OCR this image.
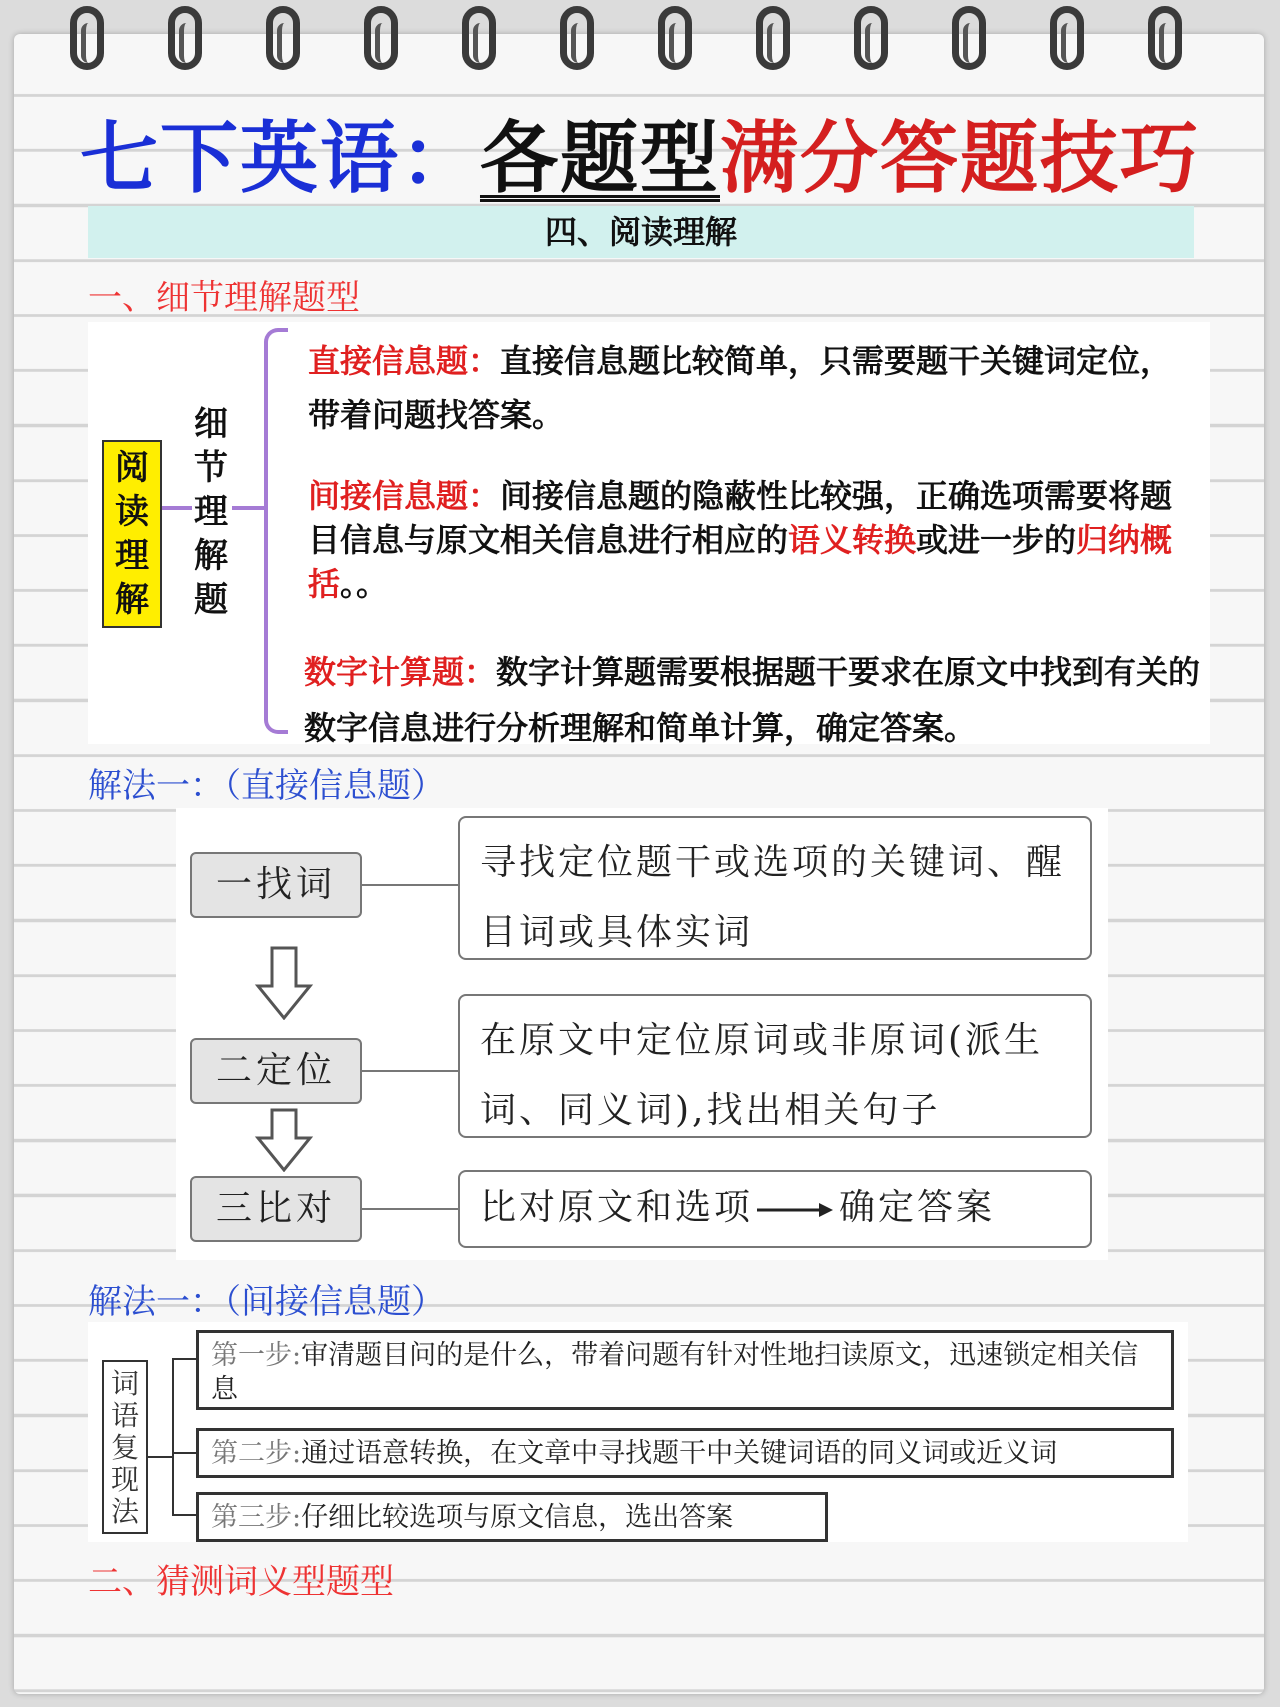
七下英语：各题型满分答题技巧
四、阅读理解
一、细节理解题型
阅
读
理
解
细
节
理
解
题
直接信息题：直接信息题比较简单，只需要题干关键词定位，带着问题找答案。
间接信息题：间接信息题的隐蔽性比较强，正确选项需要将题目信息与原文相关信息进行相应的语义转换或进一步的归纳概括。。
数字计算题：数字计算题需要根据题干要求在原文中找到有关的数字信息进行分析理解和简单计算，确定答案。
解法一：（直接信息题）
一找词
寻找定位题干或选项的关键词、醒目词或具体实词
二定位
在原文中定位原词或非原词(派生词、同义词),找出相关句子
三比对	比对原文和选项 确定答案
解法一：（间接信息题）
词
语
复
现
法
第一步:审清题目问的是什么，带着问题有针对性地扫读原文，迅速锁定相关信息
第二步:通过语意转换，在文章中寻找题干中关键词语的同义词或近义词
第三步:仔细比较选项与原文信息，选出答案
二、猜测词义型题型
